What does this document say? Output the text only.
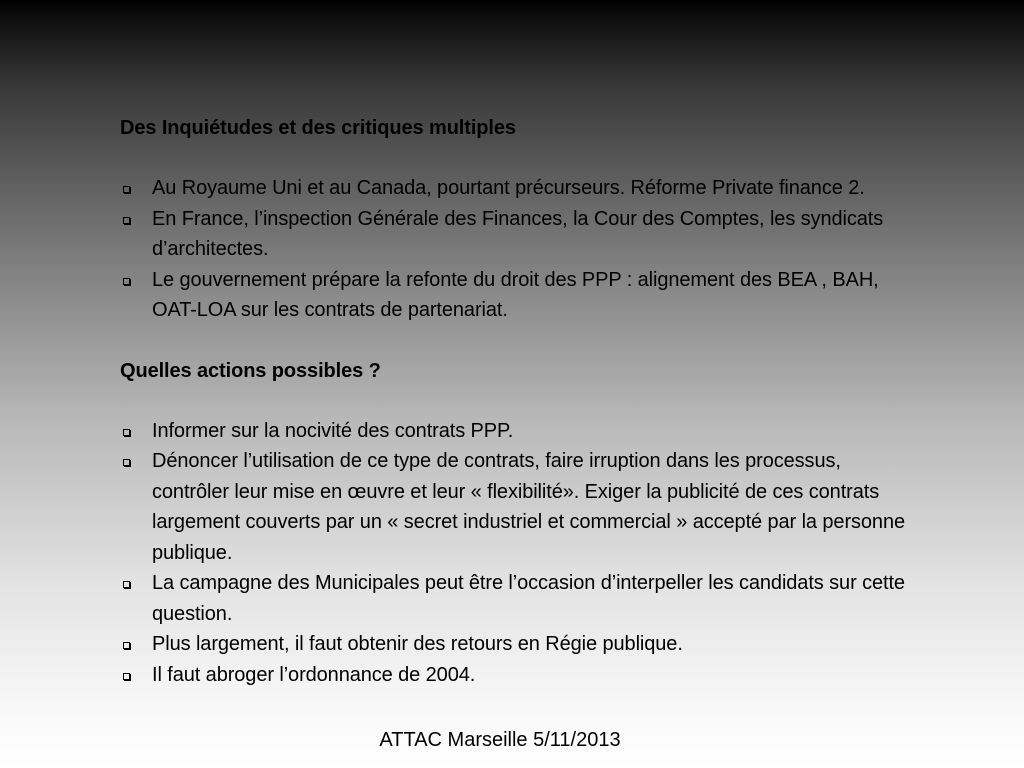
Des Inquiétudes et des critiques multiples

Au Royaume Uni et au Canada, pourtant précurseurs. Réforme Private finance 2.
En France, l’inspection Générale des Finances, la Cour des Comptes, les syndicats d’architectes.
Le gouvernement prépare la refonte du droit des PPP : alignement des BEA , BAH, OAT-LOA sur les contrats de partenariat.

Quelles actions possibles ?

Informer sur la nocivité des contrats PPP.
Dénoncer l’utilisation de ce type de contrats, faire irruption dans les processus, contrôler leur mise en œuvre et leur « flexibilité». Exiger la publicité de ces contrats largement couverts par un « secret industriel et commercial » accepté par la personne publique.
La campagne des Municipales peut être l’occasion d’interpeller les candidats sur cette question.
Plus largement, il faut obtenir des retours en Régie publique.
Il faut abroger l’ordonnance de 2004.
ATTAC Marseille 5/11/2013
